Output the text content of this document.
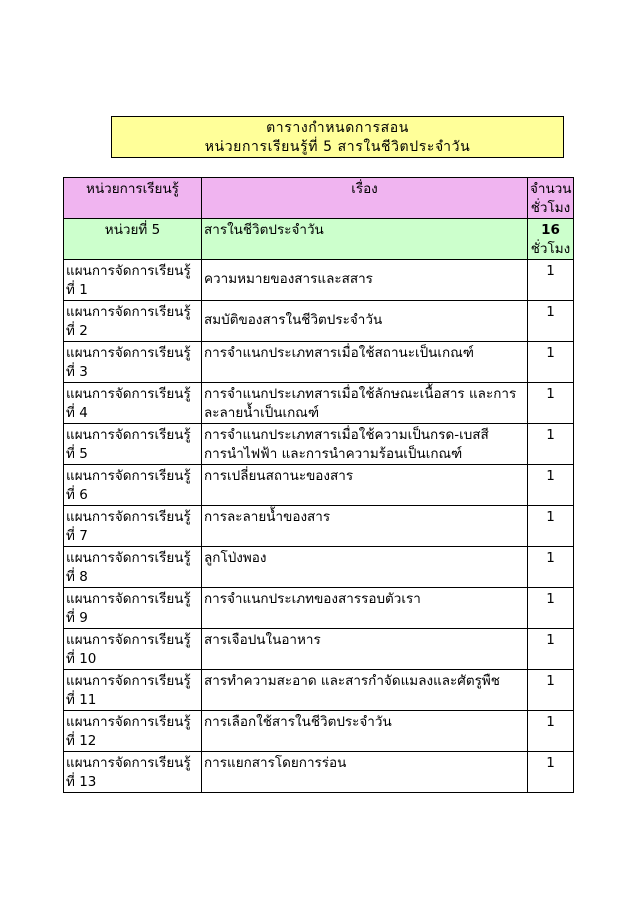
ตารางกำหนดการสอน
หน่วยการเรียนรู้ที่ 5 สารในชีวิตประจำวัน
หน่วยการเรียนรู้	เรื่อง	จำนวนชั่วโมง
หน่วยที่ 5	สารในชีวิตประจำวัน	16
ชั่วโมง

แผนการจัดการเรียนรู้ที่ 1	ความหมายของสารและสสาร	1
แผนการจัดการเรียนรู้ที่ 2	สมบัติของสารในชีวิตประจำวัน	1
แผนการจัดการเรียนรู้ที่ 3	การจำแนกประเภทสารเมื่อใช้สถานะเป็นเกณฑ์	1
แผนการจัดการเรียนรู้ที่ 4	การจำแนกประเภทสารเมื่อใช้ลักษณะเนื้อสาร และการละลายน้ำเป็นเกณฑ์	1
แผนการจัดการเรียนรู้ที่ 5	การจำแนกประเภทสารเมื่อใช้ความเป็นกรด-เบสสี การนำไฟฟ้า และการนำความร้อนเป็นเกณฑ์	1
แผนการจัดการเรียนรู้ที่ 6	การเปลี่ยนสถานะของสาร	1
แผนการจัดการเรียนรู้ที่ 7	การละลายน้ำของสาร	1
แผนการจัดการเรียนรู้ที่ 8	ลูกโป่งพอง	1
แผนการจัดการเรียนรู้ที่ 9	การจำแนกประเภทของสารรอบตัวเรา	1
แผนการจัดการเรียนรู้ที่ 10	สารเจือปนในอาหาร	1
แผนการจัดการเรียนรู้ที่ 11	สารทำความสะอาด และสารกำจัดแมลงและศัตรูพืช	1
แผนการจัดการเรียนรู้ที่ 12	การเลือกใช้สารในชีวิตประจำวัน	1
แผนการจัดการเรียนรู้ที่ 13	การแยกสารโดยการร่อน	1
